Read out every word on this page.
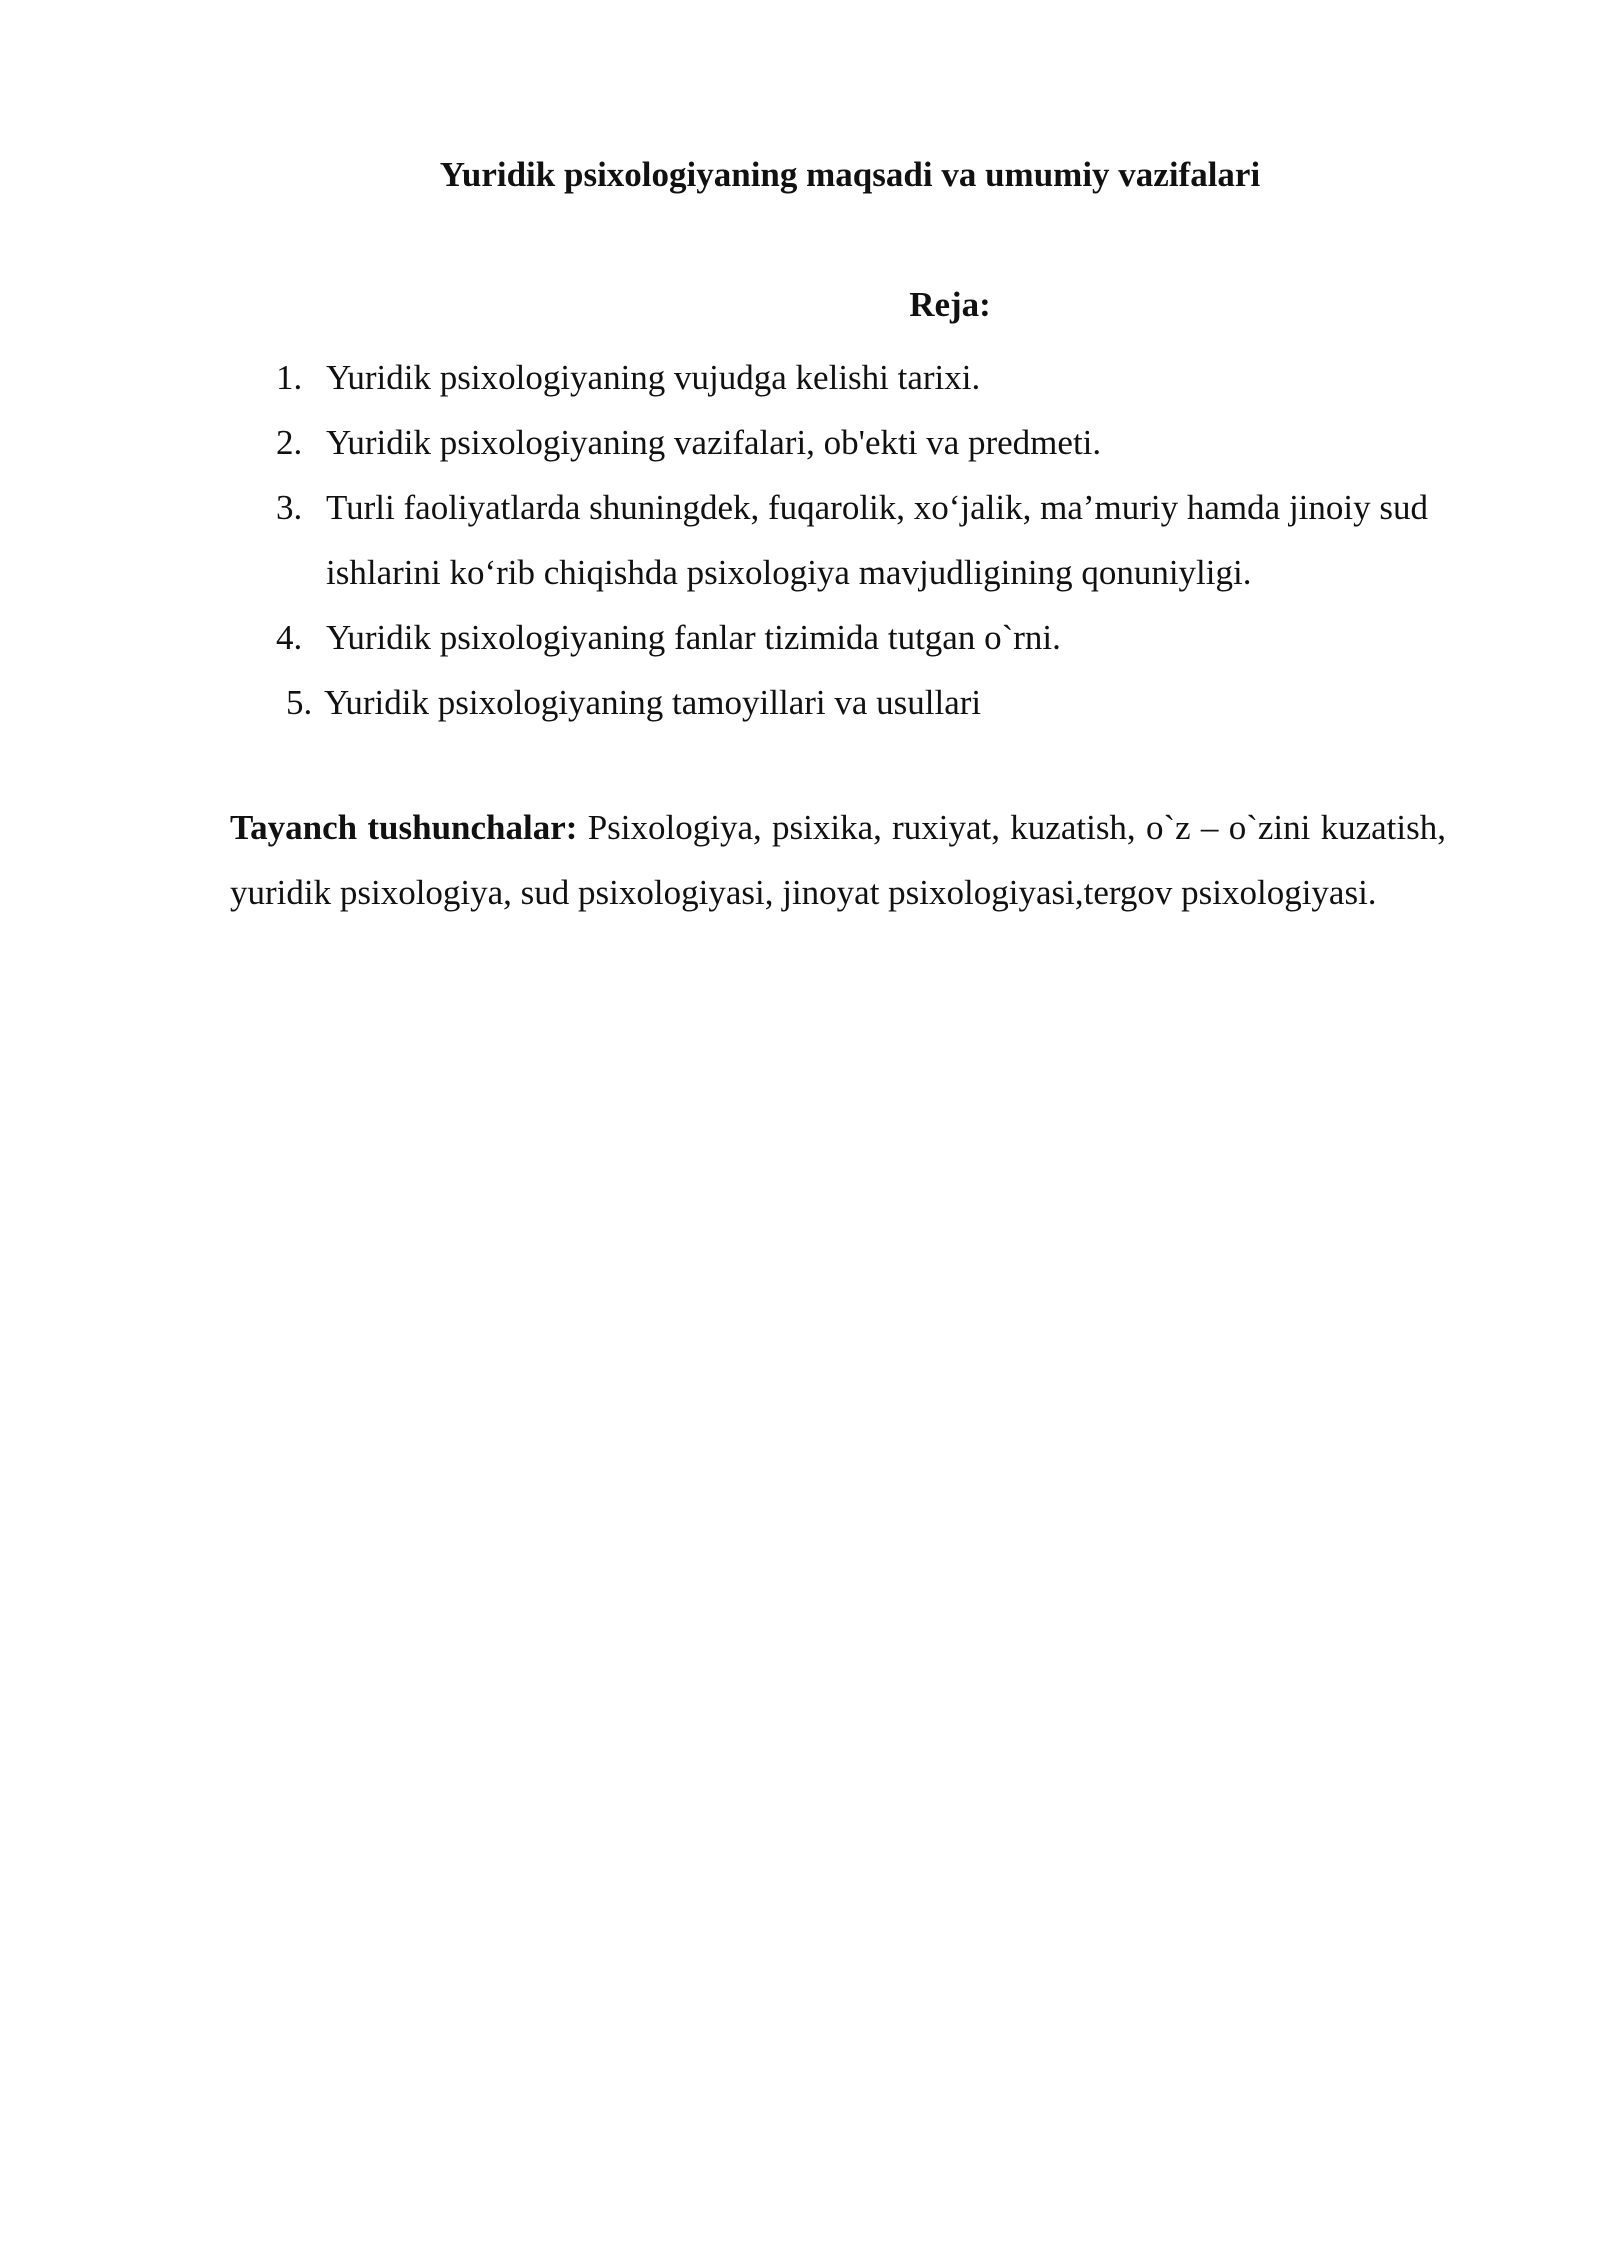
Yuridik psixologiyaning maqsadi va umumiy vazifalari
Reja:
1. Yuridik psixologiyaning vujudga kelishi tarixi.
2. Yuridik psixologiyaning vazifalari, ob'ekti va predmeti.
3. Turli faoliyatlarda shuningdek, fuqarolik, xo‘jalik, ma’muriy hamda jinoiy sud ishlarini ko‘rib chiqishda psixologiya mavjudligining qonuniyligi.
4. Yuridik psixologiyaning fanlar tizimida tutgan o`rni.
5. Yuridik psixologiyaning tamoyillari va usullari

Tayanch tushunchalar: Psixologiya, psixika, ruxiyat, kuzatish, o`z – o`zini kuzatish, yuridik psixologiya, sud psixologiyasi, jinoyat psixologiyasi,tergov psixologiyasi.
